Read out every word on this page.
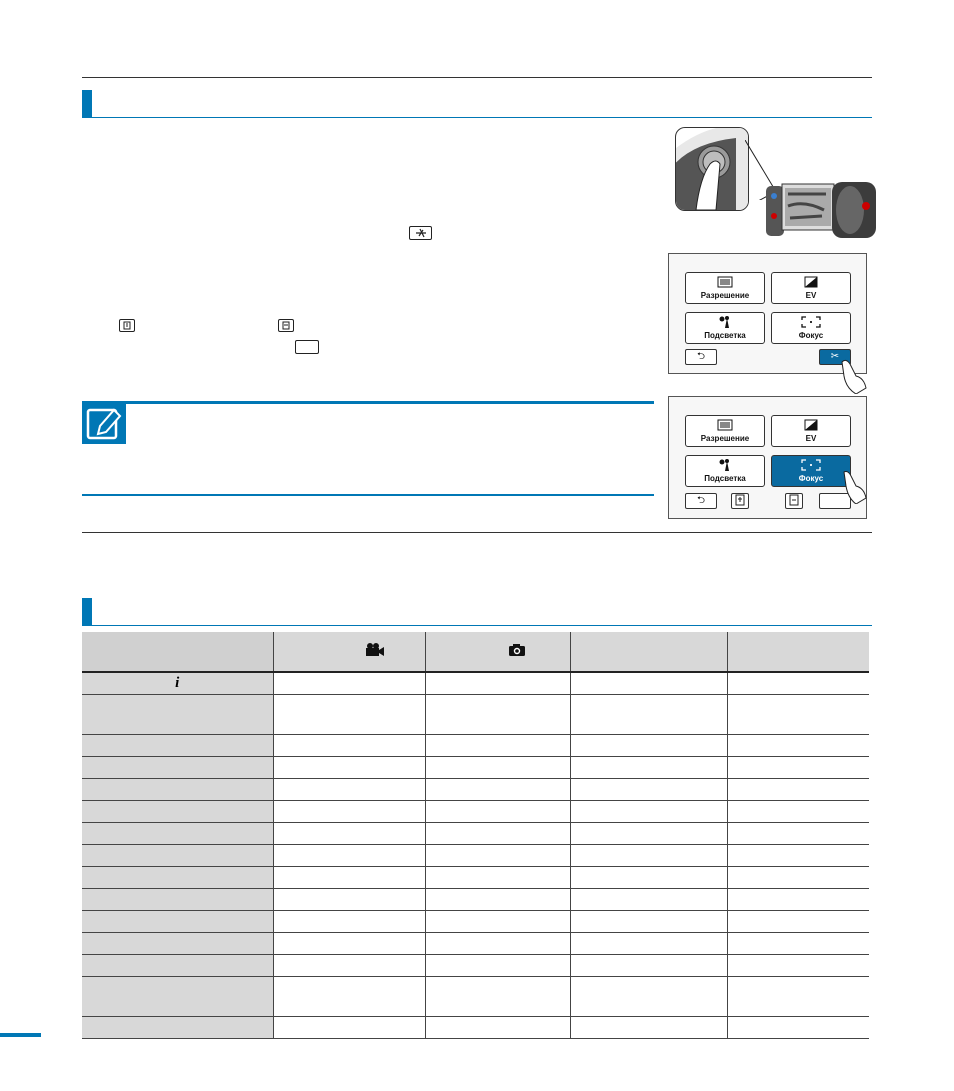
Разрешение	EV
Подсветка	Фокус
⮌	✂
Разрешение	EV
Подсветка	Фокус
⮌

i				
